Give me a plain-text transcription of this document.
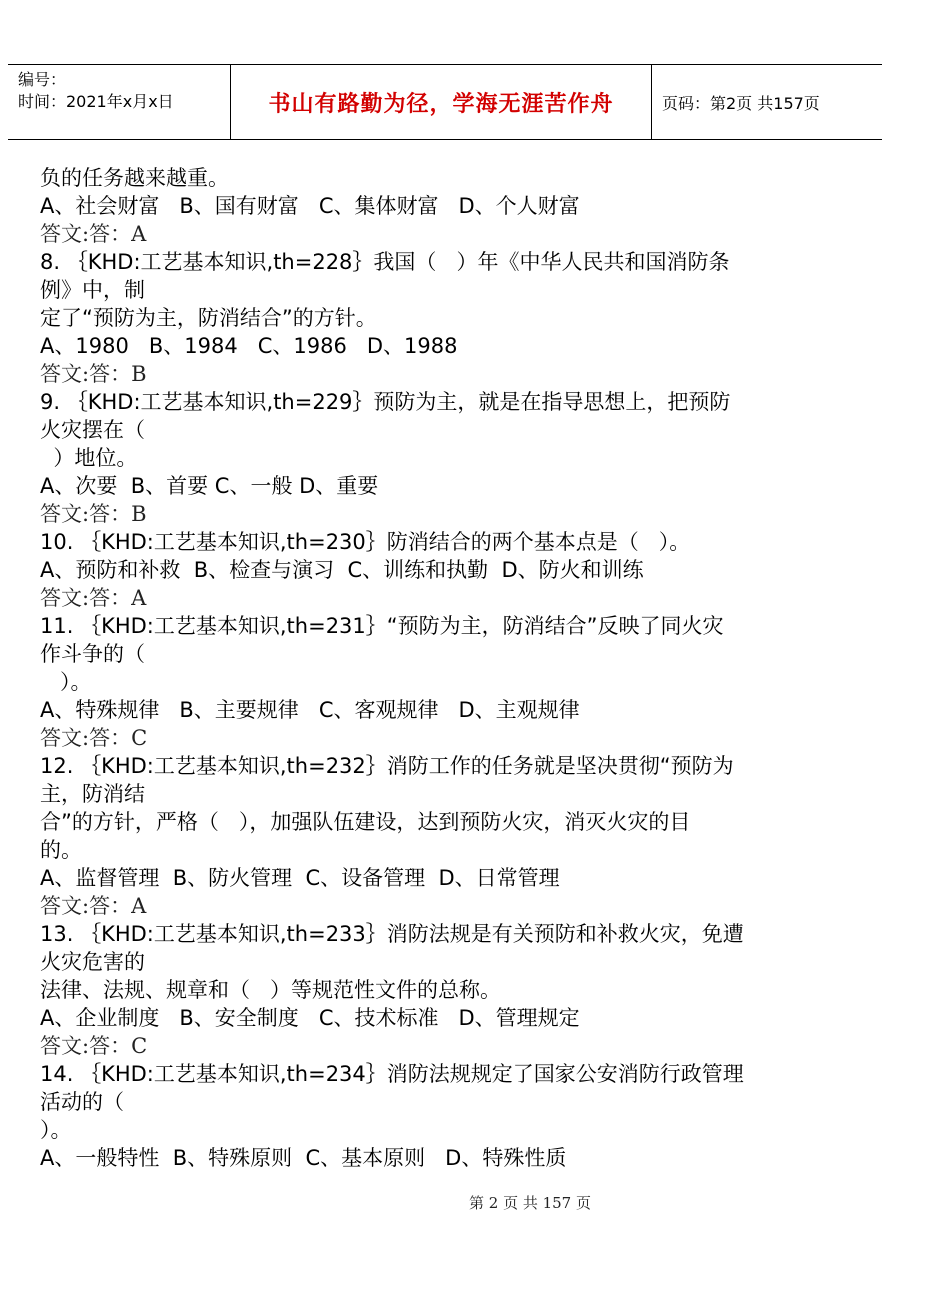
编号：
时间：2021年x月x日	书山有路勤为径，学海无涯苦作舟	页码：第2页 共157页
负的任务越来越重。
A、社会财富   B、国有财富   C、集体财富   D、个人财富
答文:答：A
8. ｛KHD:工艺基本知识,th=228｝我国（   ）年《中华人民共和国消防条
例》中，制
定了“预防为主，防消结合”的方针。
A、1980   B、1984   C、1986   D、1988
答文:答：B
9. ｛KHD:工艺基本知识,th=229｝预防为主，就是在指导思想上，把预防
火灾摆在（
）地位。
A、次要  B、首要 C、一般 D、重要
答文:答：B
10. ｛KHD:工艺基本知识,th=230｝防消结合的两个基本点是（   ）。
A、预防和补救  B、检查与演习  C、训练和执勤  D、防火和训练
答文:答：A
11. ｛KHD:工艺基本知识,th=231｝“预防为主，防消结合”反映了同火灾
作斗争的（
）。
A、特殊规律   B、主要规律   C、客观规律   D、主观规律
答文:答：C
12. ｛KHD:工艺基本知识,th=232｝消防工作的任务就是坚决贯彻“预防为
主，防消结
合”的方针，严格（   ），加强队伍建设，达到预防火灾，消灭火灾的目
的。
A、监督管理  B、防火管理  C、设备管理  D、日常管理
答文:答：A
13. ｛KHD:工艺基本知识,th=233｝消防法规是有关预防和补救火灾，免遭
火灾危害的
法律、法规、规章和（   ）等规范性文件的总称。
A、企业制度   B、安全制度   C、技术标准   D、管理规定
答文:答：C
14. ｛KHD:工艺基本知识,th=234｝消防法规规定了国家公安消防行政管理
活动的（
）。
A、一般特性  B、特殊原则  C、基本原则   D、特殊性质
第 2 页 共 157 页
